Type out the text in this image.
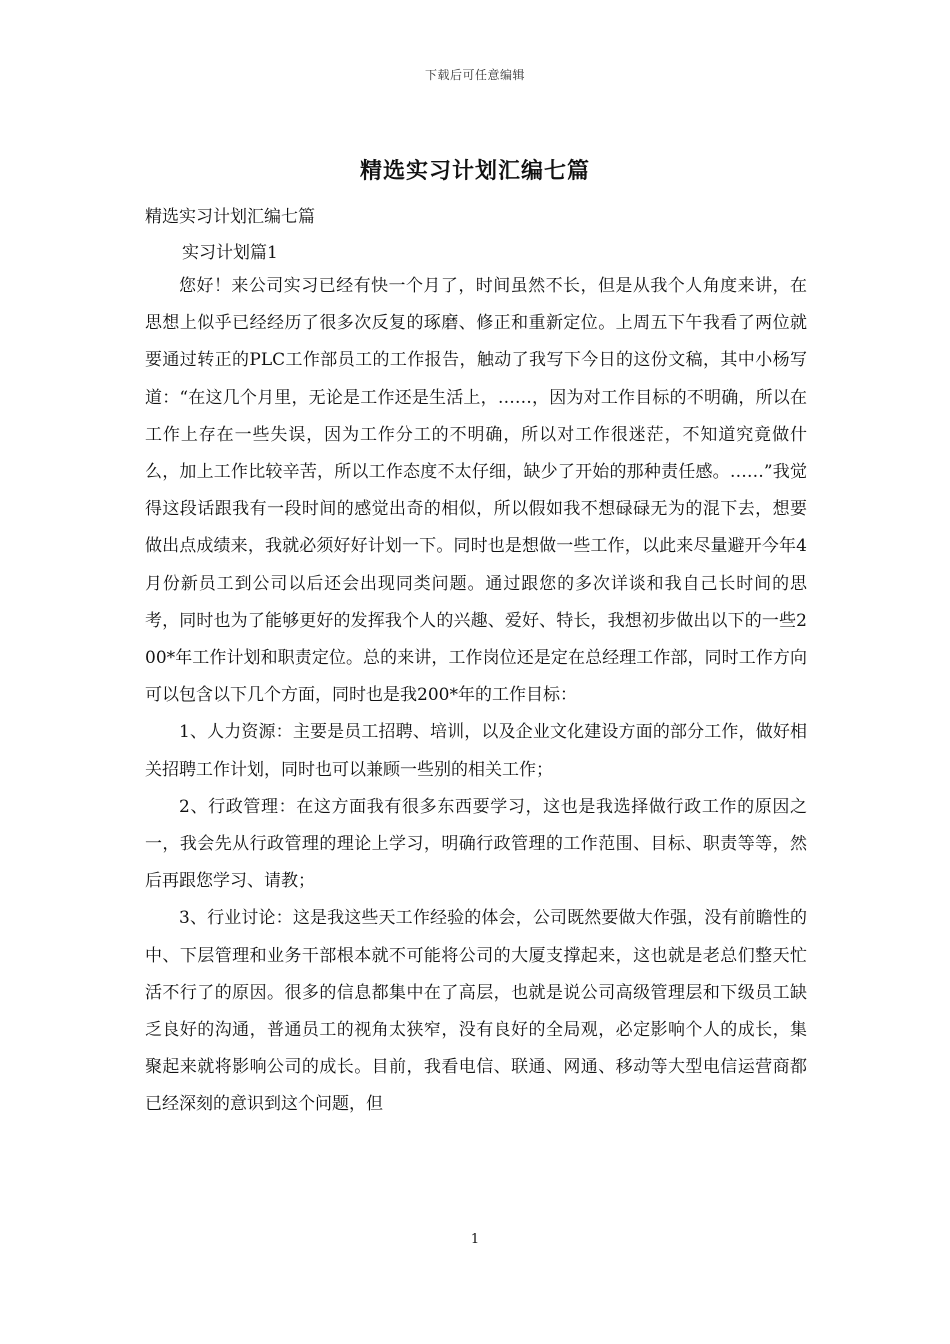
下载后可任意编辑
精选实习计划汇编七篇
精选实习计划汇编七篇
实习计划篇1

您好！来公司实习已经有快一个月了，时间虽然不长，但是从我个人角度来讲，在思想上似乎已经经历了很多次反复的琢磨、修正和重新定位。上周五下午我看了两位就要通过转正的PLC工作部员工的工作报告，触动了我写下今日的这份文稿，其中小杨写道：“在这几个月里，无论是工作还是生活上，……，因为对工作目标的不明确，所以在工作上存在一些失误，因为工作分工的不明确，所以对工作很迷茫，不知道究竟做什么，加上工作比较辛苦，所以工作态度不太仔细，缺少了开始的那种责任感。……”我觉得这段话跟我有一段时间的感觉出奇的相似，所以假如我不想碌碌无为的混下去，想要做出点成绩来，我就必须好好计划一下。同时也是想做一些工作，以此来尽量避开今年4月份新员工到公司以后还会出现同类问题。通过跟您的多次详谈和我自己长时间的思考，同时也为了能够更好的发挥我个人的兴趣、爱好、特长，我想初步做出以下的一些200*年工作计划和职责定位。总的来讲，工作岗位还是定在总经理工作部，同时工作方向可以包含以下几个方面，同时也是我200*年的工作目标：

1、人力资源：主要是员工招聘、培训，以及企业文化建设方面的部分工作，做好相关招聘工作计划，同时也可以兼顾一些别的相关工作；

2、行政管理：在这方面我有很多东西要学习，这也是我选择做行政工作的原因之一，我会先从行政管理的理论上学习，明确行政管理的工作范围、目标、职责等等，然后再跟您学习、请教；

3、行业讨论：这是我这些天工作经验的体会，公司既然要做大作强，没有前瞻性的中、下层管理和业务干部根本就不可能将公司的大厦支撑起来，这也就是老总们整天忙活不行了的原因。很多的信息都集中在了高层，也就是说公司高级管理层和下级员工缺乏良好的沟通，普通员工的视角太狭窄，没有良好的全局观，必定影响个人的成长，集聚起来就将影响公司的成长。目前，我看电信、联通、网通、移动等大型电信运营商都已经深刻的意识到这个问题，但

1
